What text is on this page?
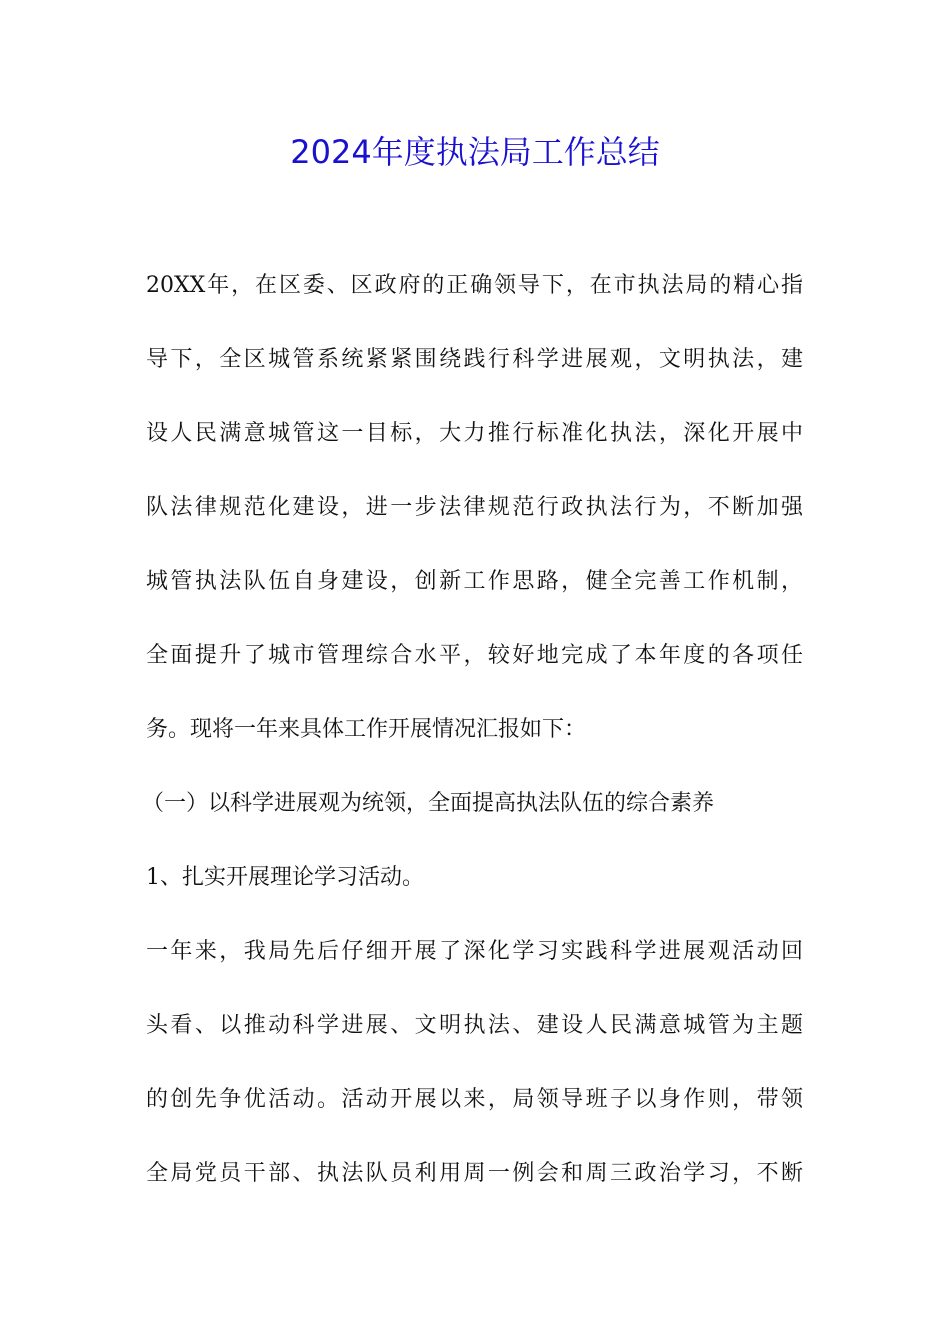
2024年度执法局工作总结
20XX年，在区委、区政府的正确领导下，在市执法局的精心指
导下，全区城管系统紧紧围绕践行科学进展观，文明执法，建
设人民满意城管这一目标，大力推行标准化执法，深化开展中
队法律规范化建设，进一步法律规范行政执法行为，不断加强
城管执法队伍自身建设，创新工作思路，健全完善工作机制，
全面提升了城市管理综合水平，较好地完成了本年度的各项任
务。现将一年来具体工作开展情况汇报如下：
（一）以科学进展观为统领，全面提高执法队伍的综合素养
1、扎实开展理论学习活动。
一年来，我局先后仔细开展了深化学习实践科学进展观活动回
头看、以推动科学进展、文明执法、建设人民满意城管为主题
的创先争优活动。活动开展以来，局领导班子以身作则，带领
全局党员干部、执法队员利用周一例会和周三政治学习，不断
